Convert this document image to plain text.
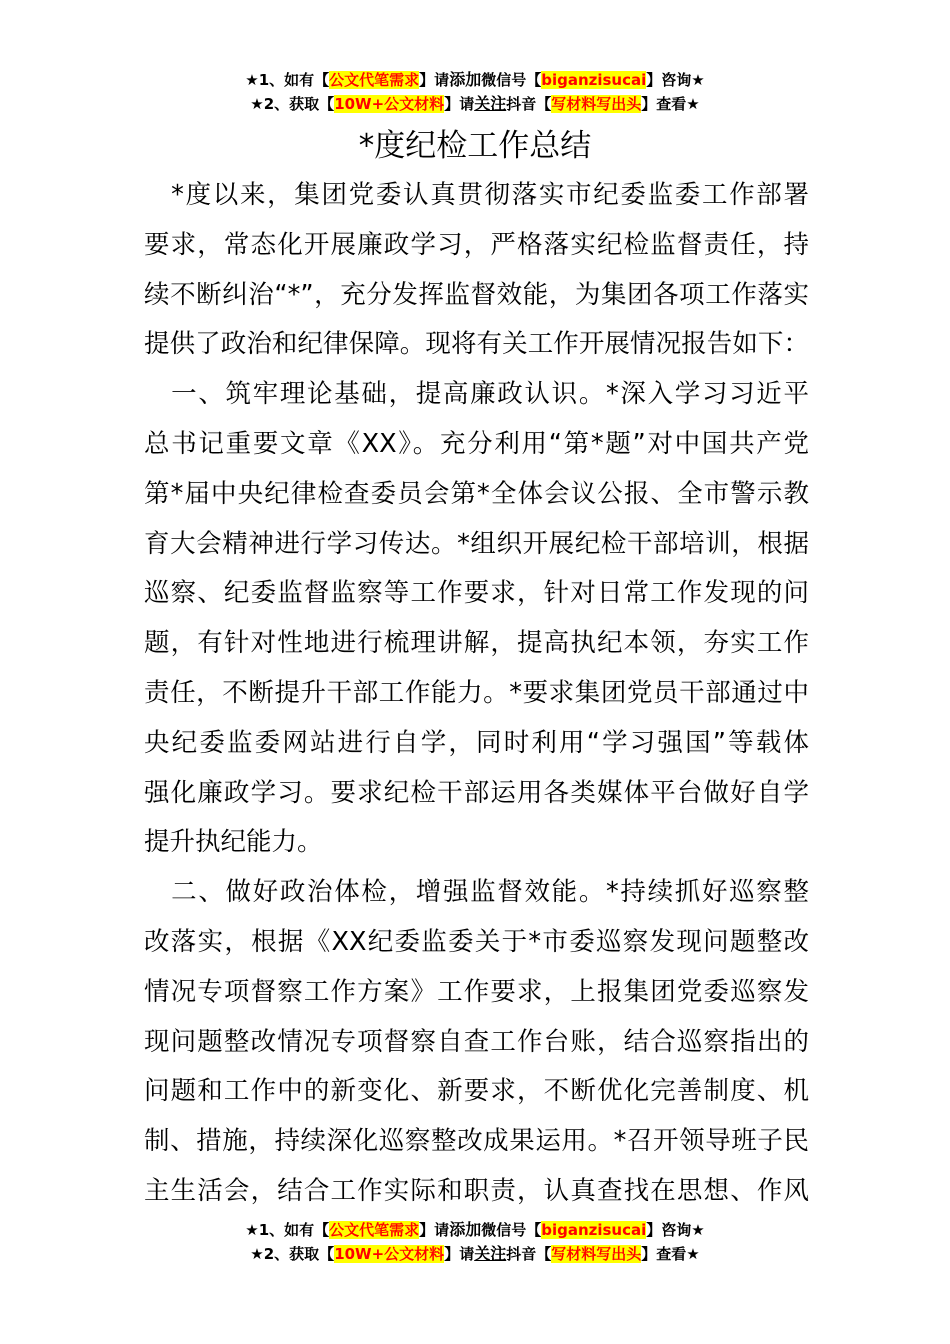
★1、如有【公文代笔需求】请添加微信号【biganzisucai】咨询★
★2、获取【10W+公文材料】请关注抖音【写材料写出头】查看★
*度纪检工作总结
　*度以来，集团党委认真贯彻落实市纪委监委工作部署
要求，常态化开展廉政学习，严格落实纪检监督责任，持
续不断纠治“*”，充分发挥监督效能，为集团各项工作落实
提供了政治和纪律保障。现将有关工作开展情况报告如下：
　一、筑牢理论基础，提高廉政认识。*深入学习习近平
总书记重要文章《XX》。充分利用“第*题”对中国共产党
第*届中央纪律检查委员会第*全体会议公报、全市警示教
育大会精神进行学习传达。*组织开展纪检干部培训，根据
巡察、纪委监督监察等工作要求，针对日常工作发现的问
题，有针对性地进行梳理讲解，提高执纪本领，夯实工作
责任，不断提升干部工作能力。*要求集团党员干部通过中
央纪委监委网站进行自学，同时利用“学习强国”等载体
强化廉政学习。要求纪检干部运用各类媒体平台做好自学
提升执纪能力。
　二、做好政治体检，增强监督效能。*持续抓好巡察整
改落实，根据《XX纪委监委关于*市委巡察发现问题整改
情况专项督察工作方案》工作要求，上报集团党委巡察发
现问题整改情况专项督察自查工作台账，结合巡察指出的
问题和工作中的新变化、新要求，不断优化完善制度、机
制、措施，持续深化巡察整改成果运用。*召开领导班子民
主生活会，结合工作实际和职责，认真查找在思想、作风
★1、如有【公文代笔需求】请添加微信号【biganzisucai】咨询★
★2、获取【10W+公文材料】请关注抖音【写材料写出头】查看★
